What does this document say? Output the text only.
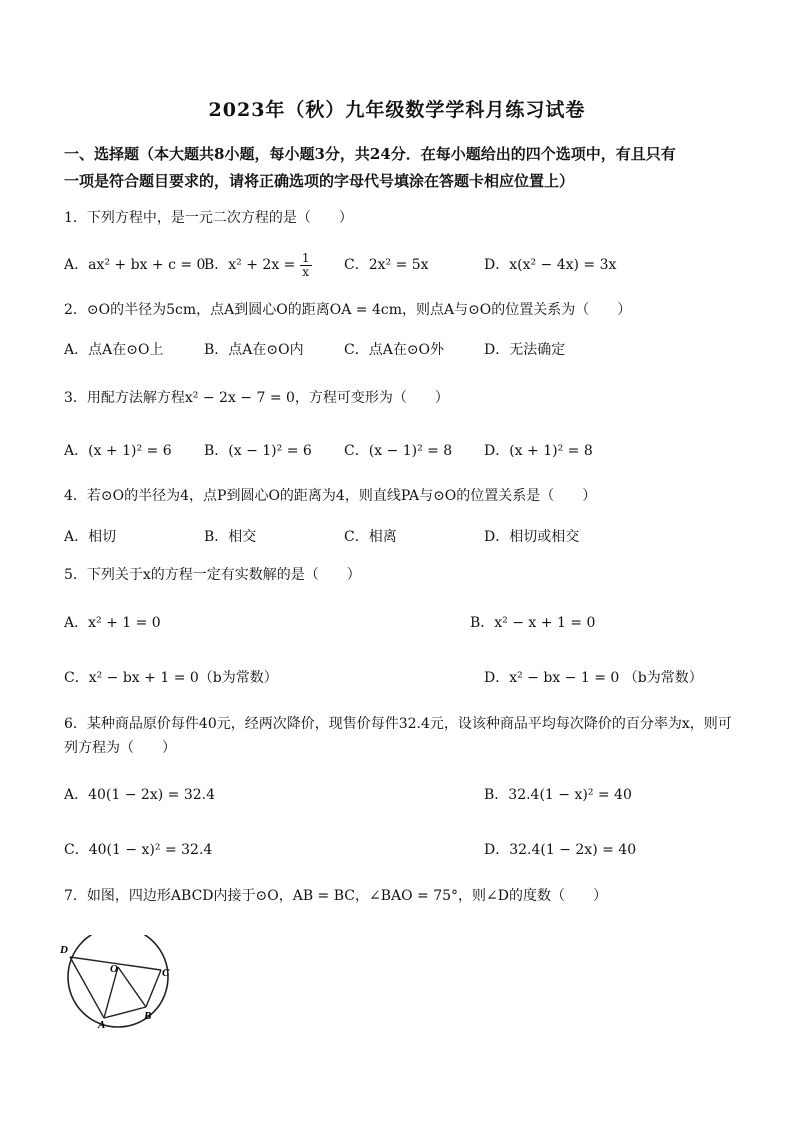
2023年（秋）九年级数学学科月练习试卷
一、选择题（本大题共8小题，每小题3分，共24分．在每小题给出的四个选项中，有且只有
一项是符合题目要求的，请将正确选项的字母代号填涂在答题卡相应位置上）
1．下列方程中，是一元二次方程的是（　　）
A．ax² + bx + c = 0
B．$x^2 + 2x = \frac{1}{x}$ C．2x² = 5x	D．x(x² − 4x) = 3x
2．⊙O的半径为5cm，点A到圆心O的距离OA = 4cm，则点A与⊙O的位置关系为（　　）
A．点A在⊙O上	B．点A在⊙O内	C．点A在⊙O外	D．无法确定
3．用配方法解方程x² − 2x − 7 = 0，方程可变形为（　　）
A．(x + 1)² = 6 B．(x − 1)² = 6 C．(x − 1)² = 8 D．(x + 1)² = 8
4．若⊙O的半径为4，点P到圆心O的距离为4，则直线PA与⊙O的位置关系是（　　）
A．相切	B．相交	C．相离	D．相切或相交
5．下列关于x的方程一定有实数解的是（　　）
A．x² + 1 = 0	B．x² − x + 1 = 0
C．x² − bx + 1 = 0（b为常数）	D．x² − bx − 1 = 0 （b为常数）
6．某种商品原价每件40元，经两次降价，现售价每件32.4元，设该种商品平均每次降价的百分率为x，则可
列方程为（　　）
A．40(1 − 2x) = 32.4	B．32.4(1 − x)² = 40
C．40(1 − x)² = 32.4	D．32.4(1 − 2x) = 40
7．如图，四边形ABCD内接于⊙O，AB = BC，∠BAO = 75°，则∠D的度数（　　）
D
O	C
B
A
